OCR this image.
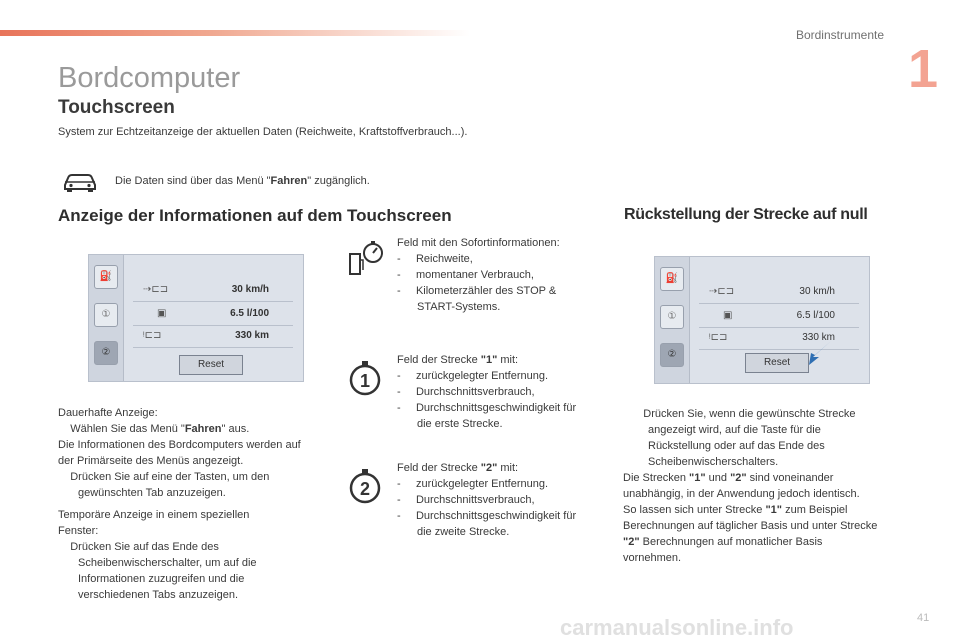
Bordinstrumente
1
Bordcomputer
Touchscreen
System zur Echtzeitanzeige der aktuellen Daten (Reichweite, Kraftstoffverbrauch...).
Die Daten sind über das Menü "Fahren" zugänglich.
Anzeige der Informationen auf dem Touchscreen	Rückstellung der Strecke auf null
⛽
①
②
⇢⊏⊐	30 km/h
▣	6.5 l/100
ᵎ⊏⊐	330 km
Reset
⛽
①
②
⇢⊏⊐	30 km/h
▣	6.5 l/100
ᵎ⊏⊐	330 km
Reset

Dauerhafte Anzeige:

Wählen Sie das Menü "Fahren" aus.

Die Informationen des Bordcomputers werden auf der Primärseite des Menüs angezeigt.

Drücken Sie auf eine der Tasten, um den gewünschten Tab anzuzeigen.

Temporäre Anzeige in einem speziellen Fenster:

Drücken Sie auf das Ende des Scheibenwischerschalter, um auf die Informationen zuzugreifen und die verschiedenen Tabs anzuzeigen.

1
2

Feld mit den Sofortinformationen:

- Reichweite,

- momentaner Verbrauch,

- Kilometerzähler des STOP & START-Systems.

Feld der Strecke "1" mit:

- zurückgelegter Entfernung.

- Durchschnittsverbrauch,

- Durchschnittsgeschwindigkeit für die erste Strecke.

Feld der Strecke "2" mit:

- zurückgelegter Entfernung.

- Durchschnittsverbrauch,

- Durchschnittsgeschwindigkeit für die zweite Strecke.

Drücken Sie, wenn die gewünschte Strecke angezeigt wird, auf die Taste für die Rückstellung oder auf das Ende des Scheibenwischerschalters.

Die Strecken "1" und "2" sind voneinander unabhängig, in der Anwendung jedoch identisch.

So lassen sich unter Strecke "1" zum Beispiel Berechnungen auf täglicher Basis und unter Strecke "2" Berechnungen auf monatlicher Basis vornehmen.

carmanualsonline.info	41
